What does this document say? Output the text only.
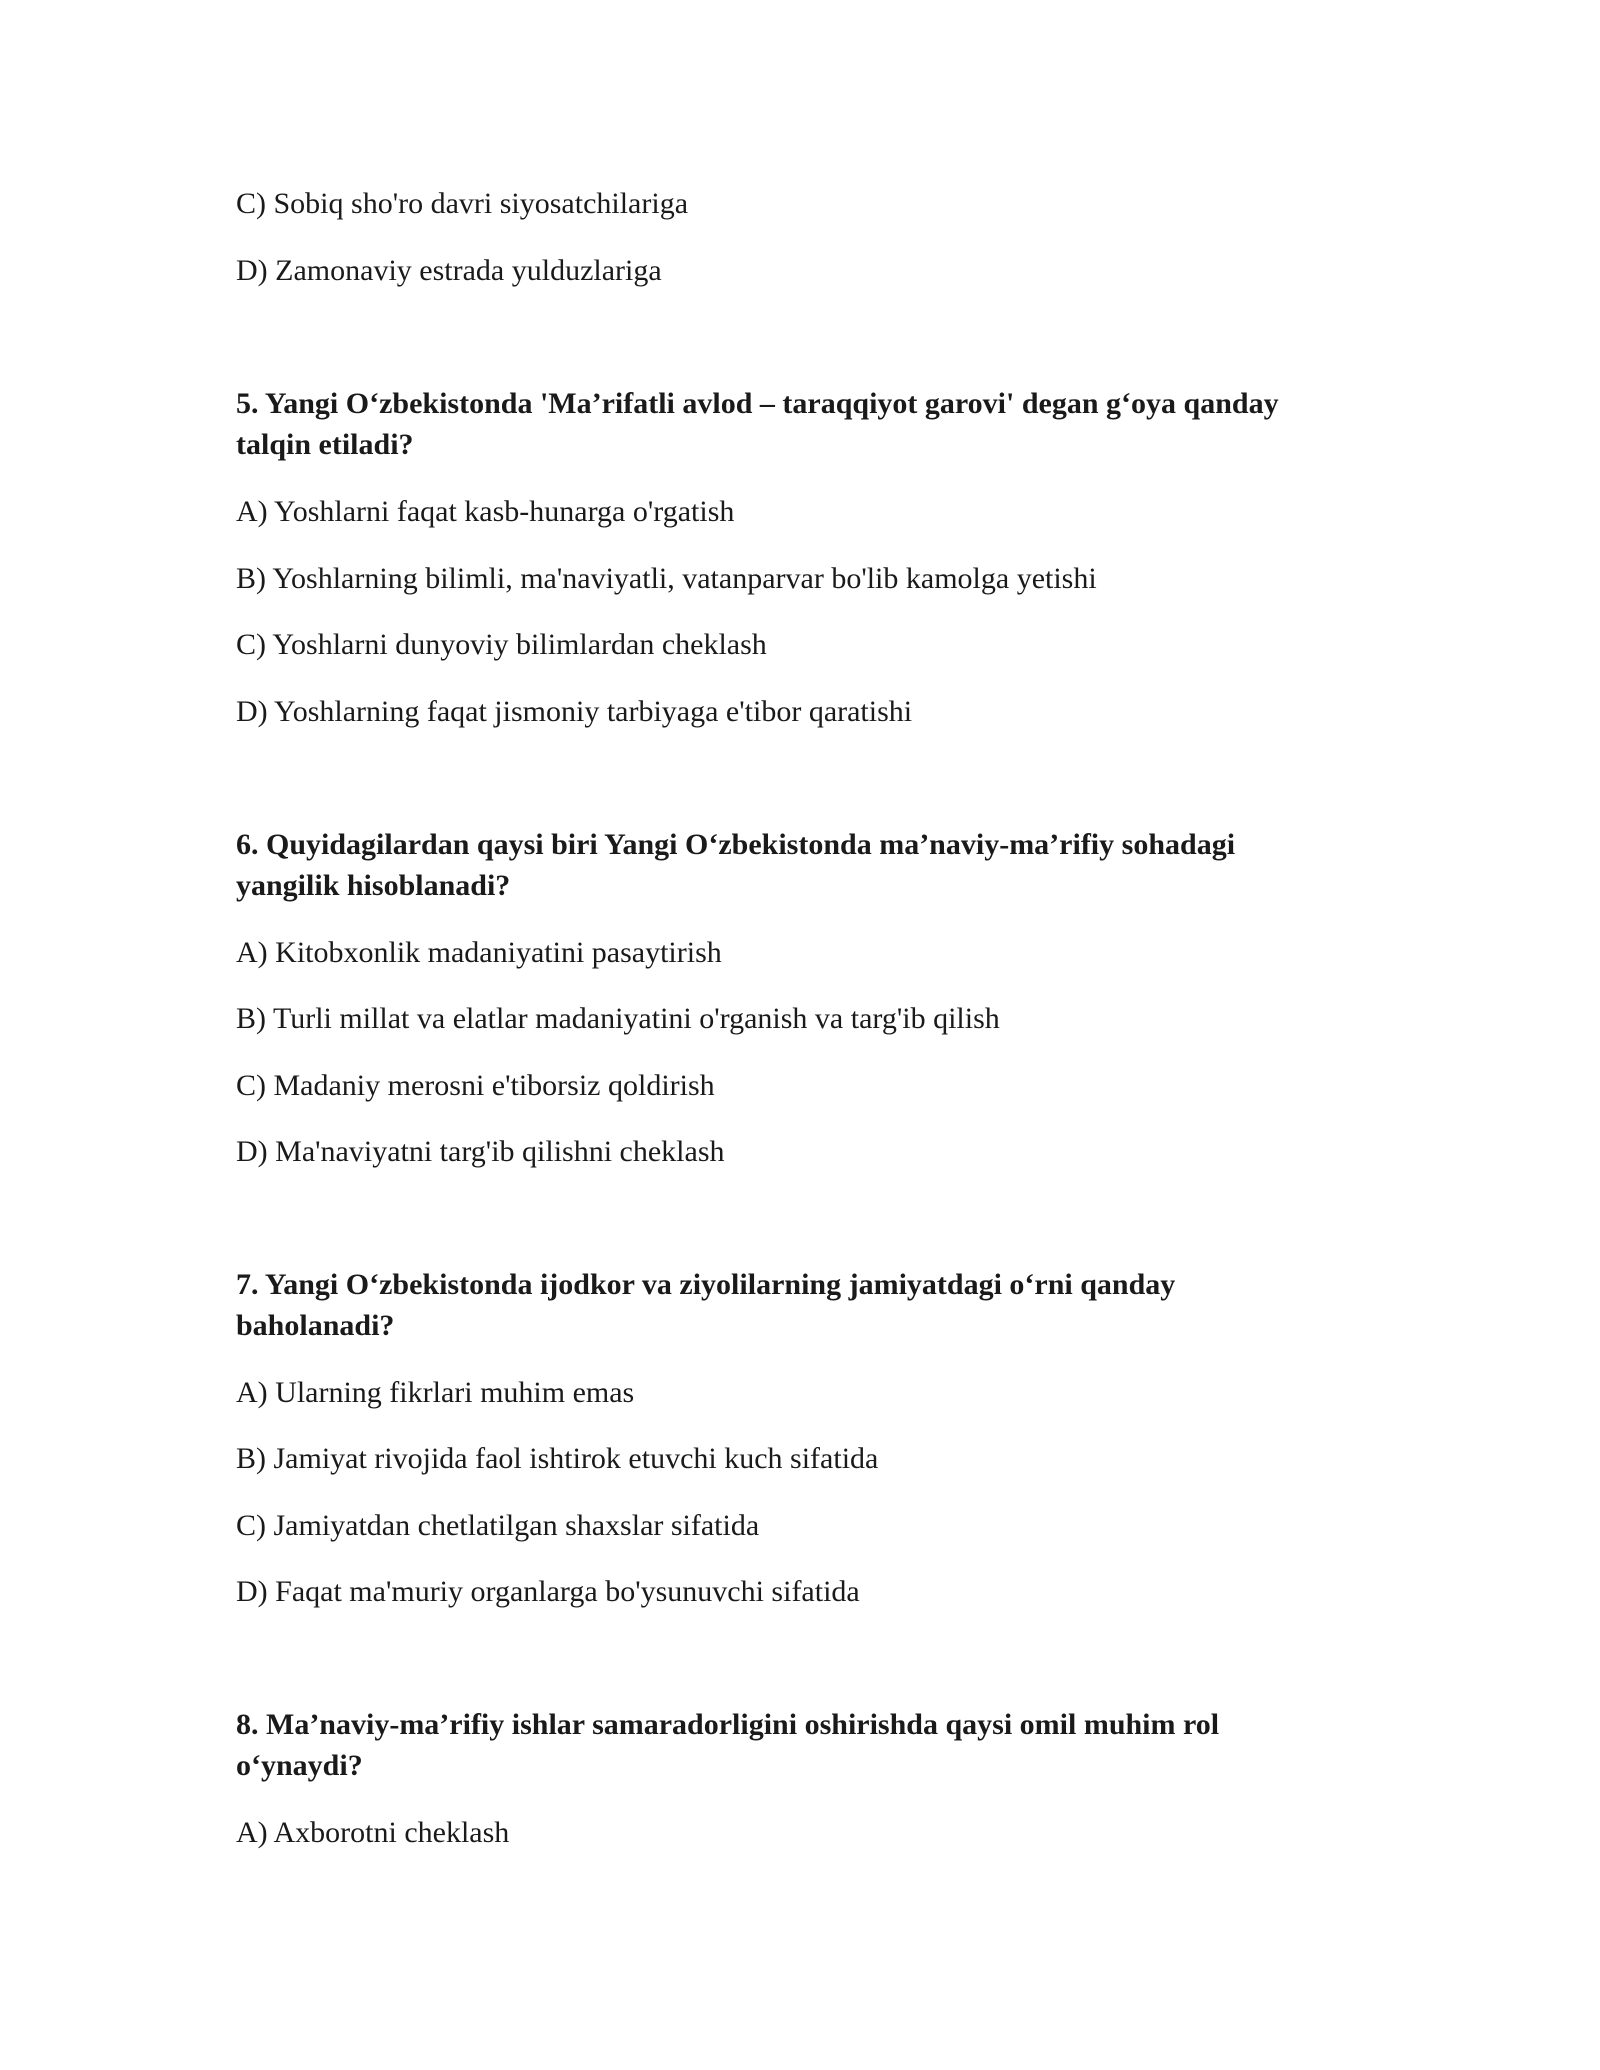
C) Sobiq sho'ro davri siyosatchilariga
D) Zamonaviy estrada yulduzlariga
5. Yangi O‘zbekistonda 'Ma’rifatli avlod – taraqqiyot garovi' degan g‘oya qanday
talqin etiladi?
A) Yoshlarni faqat kasb-hunarga o'rgatish
B) Yoshlarning bilimli, ma'naviyatli, vatanparvar bo'lib kamolga yetishi
C) Yoshlarni dunyoviy bilimlardan cheklash
D) Yoshlarning faqat jismoniy tarbiyaga e'tibor qaratishi
6. Quyidagilardan qaysi biri Yangi O‘zbekistonda ma’naviy-ma’rifiy sohadagi
yangilik hisoblanadi?
A) Kitobxonlik madaniyatini pasaytirish
B) Turli millat va elatlar madaniyatini o'rganish va targ'ib qilish
C) Madaniy merosni e'tiborsiz qoldirish
D) Ma'naviyatni targ'ib qilishni cheklash
7. Yangi O‘zbekistonda ijodkor va ziyolilarning jamiyatdagi o‘rni qanday
baholanadi?
A) Ularning fikrlari muhim emas
B) Jamiyat rivojida faol ishtirok etuvchi kuch sifatida
C) Jamiyatdan chetlatilgan shaxslar sifatida
D) Faqat ma'muriy organlarga bo'ysunuvchi sifatida
8. Ma’naviy-ma’rifiy ishlar samaradorligini oshirishda qaysi omil muhim rol
o‘ynaydi?
A) Axborotni cheklash
